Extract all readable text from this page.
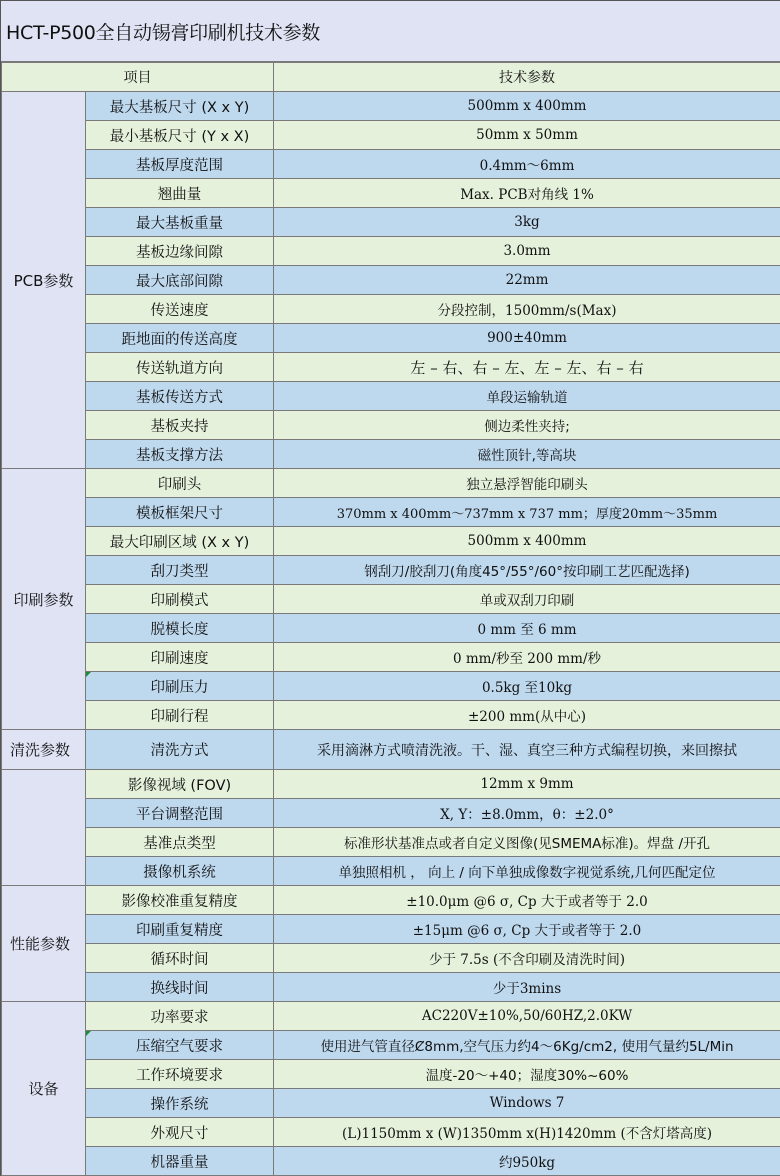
HCT-P500全自动锡膏印刷机技术参数
项目		技术参数
PCB参数	最大基板尺寸 (X x Y)	500mm x 400mm
	最小基板尺寸 (Y x X)	50mm x 50mm
	基板厚度范围	0.4mm～6mm
	翘曲量	Max. PCB对角线 1%
	最大基板重量	3kg
	基板边缘间隙	3.0mm
	最大底部间隙	22mm
	传送速度	分段控制，1500mm/s(Max)
	距地面的传送高度	900±40mm
	传送轨道方向	左 – 右、右 – 左、左 – 左、右 – 右
	基板传送方式	单段运输轨道
	基板夹持	侧边柔性夹持;
	基板支撑方法	磁性顶针,等高块
印刷参数	印刷头	独立悬浮智能印刷头
	模板框架尺寸	370mm x 400mm～737mm x 737 mm；厚度20mm～35mm
	最大印刷区域 (X x Y)	500mm x 400mm
	刮刀类型	钢刮刀/胶刮刀(角度45°/55°/60°按印刷工艺匹配选择)
	印刷模式	单或双刮刀印刷
	脱模长度	0 mm 至 6 mm
	印刷速度	0 mm/秒至 200 mm/秒
	印刷压力	0.5kg 至10kg
	印刷行程	±200 mm(从中心)
清洗参数	清洗方式	采用滴淋方式喷清洗液。干、湿、真空三种方式编程切换，来回擦拭
	影像视域 (FOV)	12mm x 9mm
	平台调整范围	X, Y：±8.0mm，θ：±2.0°
	基准点类型	标准形状基准点或者自定义图像(见SMEMA标准)。焊盘 /开孔
	摄像机系统	单独照相机 ， 向上 / 向下单独成像数字视觉系统,几何匹配定位
性能参数	影像校准重复精度	±10.0μm @6 σ, Cp 大于或者等于 2.0
	印刷重复精度	±15μm @6 σ, Cp 大于或者等于 2.0
	循环时间	少于 7.5s (不含印刷及清洗时间)
	换线时间	少于3mins
设备	功率要求	AC220V±10%,50/60HZ,2.0KW
	压缩空气要求	使用进气管直径Ȼ8mm,空气压力约4～6Kg/cm2, 使用气量约5L/Min
	工作环境要求	温度-20～+40；湿度30%~60%
	操作系统	Windows 7
	外观尺寸	(L)1150mm x (W)1350mm x(H)1420mm (不含灯塔高度)
	机器重量	约950kg
